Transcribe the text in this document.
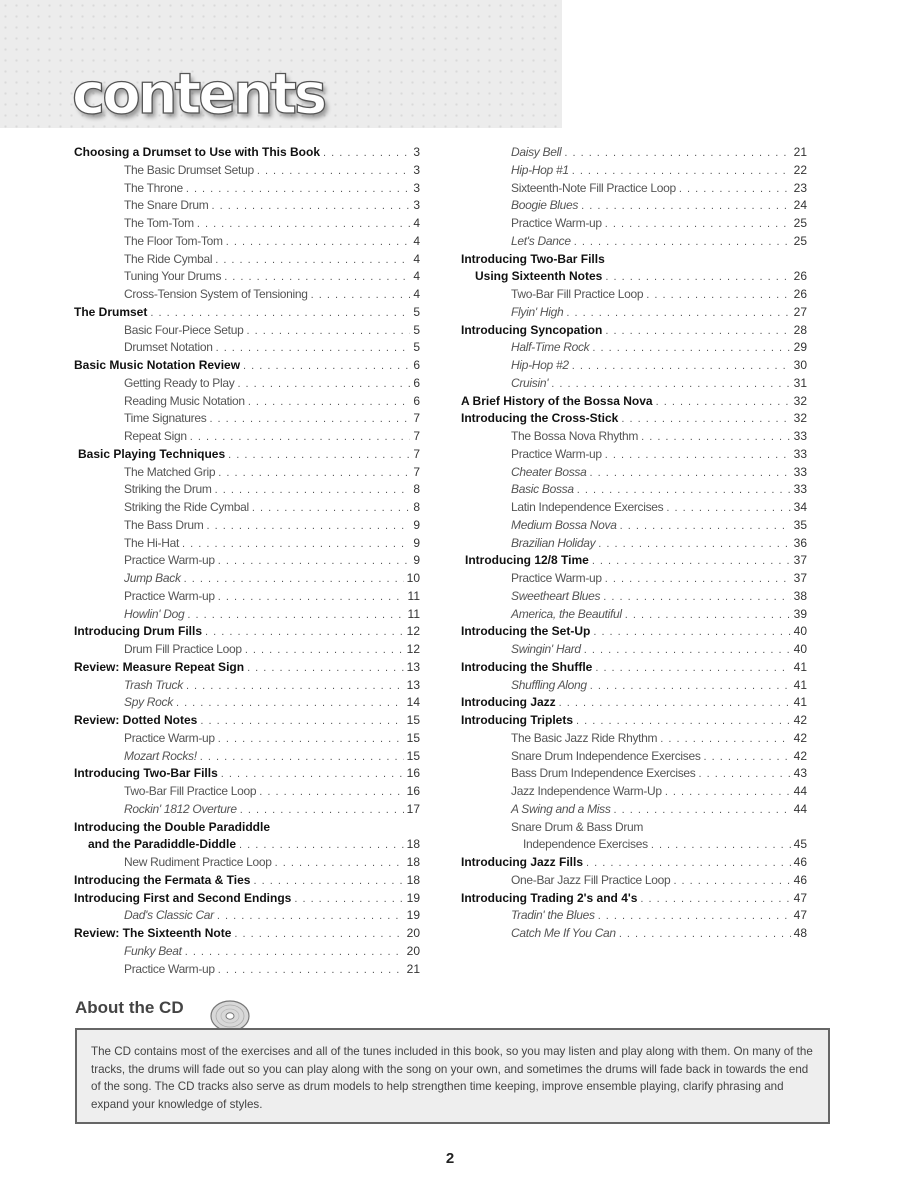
contents
Choosing a Drumset to Use with This Book . . .	3
The Basic Drumset Setup . . .	3
The Throne . . .	3
The Snare Drum . . .	3
The Tom-Tom . . .	4
The Floor Tom-Tom . . .	4
The Ride Cymbal . . .	4
Tuning Your Drums . . .	4
Cross-Tension System of Tensioning . . .	4
The Drumset . . .	5
Basic Four-Piece Setup . . .	5
Drumset Notation . . .	5
Basic Music Notation Review . . .	6
Getting Ready to Play . . .	6
Reading Music Notation . . .	6
Time Signatures . . .	7
Repeat Sign . . .	7
Basic Playing Techniques . . .	7
The Matched Grip . . .	7
Striking the Drum . . .	8
Striking the Ride Cymbal . . .	8
The Bass Drum . . .	9
The Hi-Hat . . .	9
Practice Warm-up . . .	9
Jump Back . . .	10
Practice Warm-up . . .	11
Howlin' Dog . . .	11
Introducing Drum Fills . . .	12
Drum Fill Practice Loop . . .	12
Review: Measure Repeat Sign . . .	13
Trash Truck . . .	13
Spy Rock . . .	14
Review: Dotted Notes . . .	15
Practice Warm-up . . .	15
Mozart Rocks! . . .	15
Introducing Two-Bar Fills . . .	16
Two-Bar Fill Practice Loop . . .	16
Rockin' 1812 Overture . . .	17
Introducing the Double Paradiddle
and the Paradiddle-Diddle . . .	18
New Rudiment Practice Loop . . .	18
Introducing the Fermata & Ties . . .	18
Introducing First and Second Endings . . .	19
Dad's Classic Car . . .	19
Review: The Sixteenth Note . . .	20
Funky Beat . . .	20
Practice Warm-up . . .	21
Daisy Bell . . .	21
Hip-Hop #1 . . .	22
Sixteenth-Note Fill Practice Loop . . .	23
Boogie Blues . . .	24
Practice Warm-up . . .	25
Let's Dance . . .	25
Introducing Two-Bar Fills
Using Sixteenth Notes . . .	26
Two-Bar Fill Practice Loop . . .	26
Flyin' High . . .	27
Introducing Syncopation . . .	28
Half-Time Rock . . .	29
Hip-Hop #2 . . .	30
Cruisin' . . .	31
A Brief History of the Bossa Nova . . .	32
Introducing the Cross-Stick . . .	32
The Bossa Nova Rhythm . . .	33
Practice Warm-up . . .	33
Cheater Bossa . . .	33
Basic Bossa . . .	33
Latin Independence Exercises . . .	34
Medium Bossa Nova . . .	35
Brazilian Holiday . . .	36
Introducing 12/8 Time . . .	37
Practice Warm-up . . .	37
Sweetheart Blues . . .	38
America, the Beautiful . . .	39
Introducing the Set-Up . . .	40
Swingin' Hard . . .	40
Introducing the Shuffle . . .	41
Shuffling Along . . .	41
Introducing Jazz . . .	41
Introducing Triplets . . .	42
The Basic Jazz Ride Rhythm . . .	42
Snare Drum Independence Exercises . . .	42
Bass Drum Independence Exercises . . .	43
Jazz Independence Warm-Up . . .	44
A Swing and a Miss . . .	44
Snare Drum & Bass Drum
Independence Exercises . . .	45
Introducing Jazz Fills . . .	46
One-Bar Jazz Fill Practice Loop . . .	46
Introducing Trading 2's and 4's . . .	47
Tradin' the Blues . . .	47
Catch Me If You Can . . .	48
About the CD
The CD contains most of the exercises and all of the tunes included in this book, so you may listen and play along with them. On many of the tracks, the drums will fade out so you can play along with the song on your own, and sometimes the drums will fade back in towards the end of the song. The CD tracks also serve as drum models to help strengthen time keeping, improve ensemble playing, clarify phrasing and expand your knowledge of styles.
2
